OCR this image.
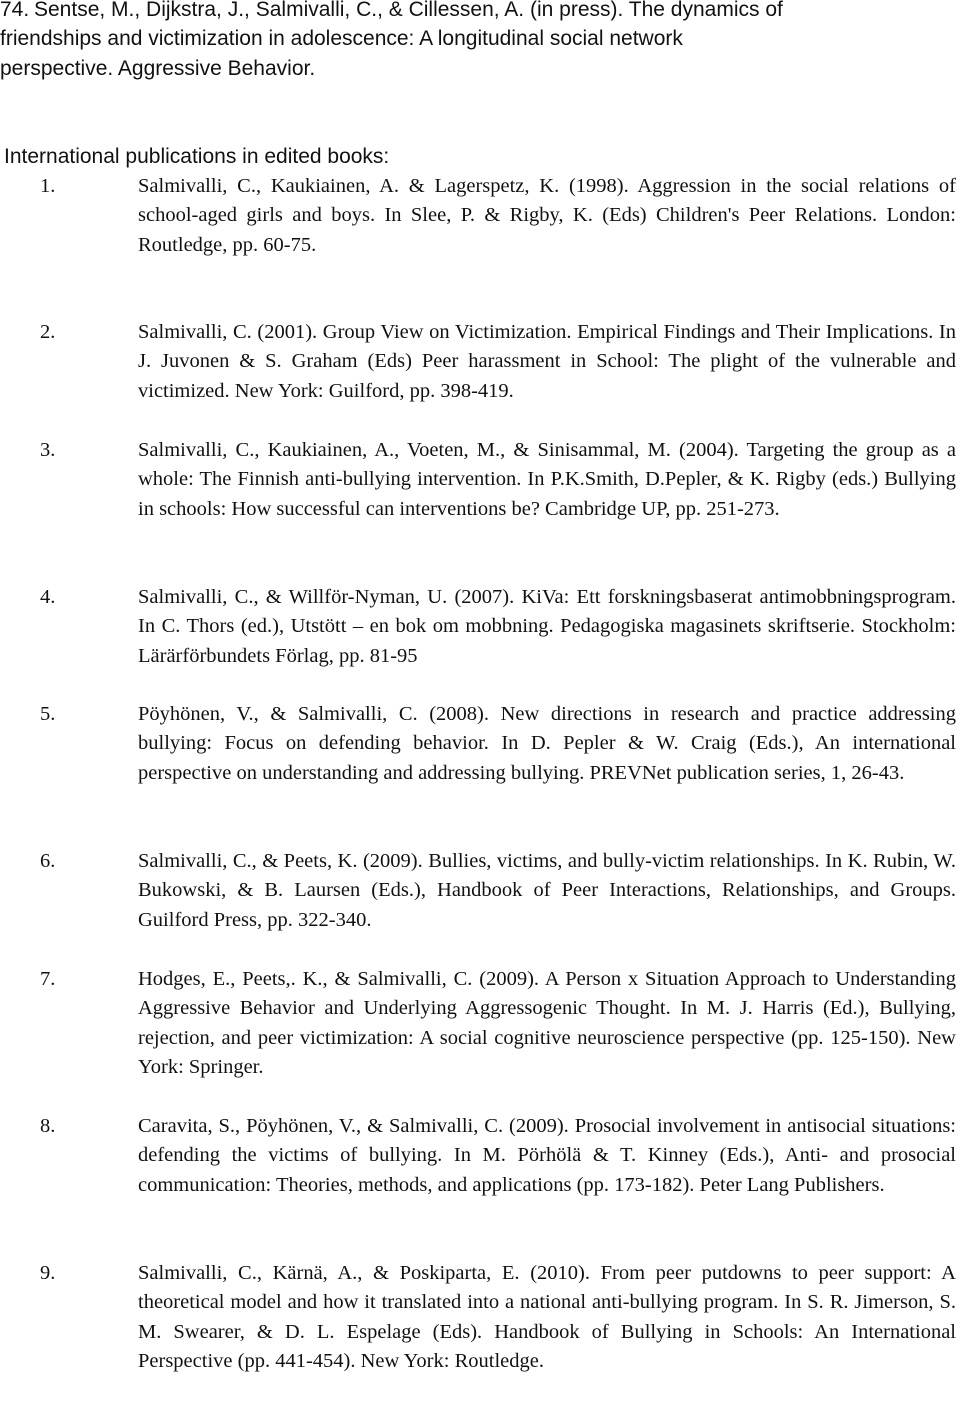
74. Sentse, M., Dijkstra, J., Salmivalli, C., & Cillessen, A. (in press). The dynamics of
friendships and victimization in adolescence: A longitudinal social network
perspective. Aggressive Behavior.
International publications in edited books:
1.	Salmivalli, C., Kaukiainen, A. & Lagerspetz, K. (1998). Aggression in the social relations of school-aged girls and boys. In Slee, P. & Rigby, K. (Eds) Children's Peer Relations. London: Routledge, pp. 60-75.
2.	Salmivalli, C. (2001). Group View on Victimization. Empirical Findings and Their Implications. In J. Juvonen & S. Graham (Eds) Peer harassment in School: The plight of the vulnerable and victimized. New York: Guilford, pp. 398-419.
3.	Salmivalli, C., Kaukiainen, A., Voeten, M., & Sinisammal, M. (2004). Targeting the group as a whole: The Finnish anti-bullying intervention. In P.K.Smith, D.Pepler, & K. Rigby (eds.) Bullying in schools: How successful can interventions be? Cambridge UP, pp. 251-273.
4.	Salmivalli, C., & Willför-Nyman, U. (2007). KiVa: Ett forskningsbaserat antimobbningsprogram. In C. Thors (ed.), Utstött – en bok om mobbning. Pedagogiska magasinets skriftserie. Stockholm: Lärärförbundets Förlag, pp. 81-95
5.	Pöyhönen, V., & Salmivalli, C. (2008). New directions in research and practice addressing bullying: Focus on defending behavior. In D. Pepler & W. Craig (Eds.), An international perspective on understanding and addressing bullying. PREVNet publication series, 1, 26-43.
6.	Salmivalli, C., & Peets, K. (2009). Bullies, victims, and bully-victim relationships. In K. Rubin, W. Bukowski, & B. Laursen (Eds.), Handbook of Peer Interactions, Relationships, and Groups. Guilford Press, pp. 322-340.
7.	Hodges, E., Peets,. K., & Salmivalli, C. (2009). A Person x Situation Approach to Understanding Aggressive Behavior and Underlying Aggressogenic Thought. In M. J. Harris (Ed.), Bullying, rejection, and peer victimization: A social cognitive neuroscience perspective (pp. 125-150). New York: Springer.
8.	Caravita, S., Pöyhönen, V., & Salmivalli, C. (2009). Prosocial involvement in antisocial situations: defending the victims of bullying. In M. Pörhölä & T. Kinney (Eds.), Anti- and prosocial communication: Theories, methods, and applications (pp. 173-182). Peter Lang Publishers.
9.	Salmivalli, C., Kärnä, A., & Poskiparta, E. (2010). From peer putdowns to peer support: A theoretical model and how it translated into a national anti-bullying program. In S. R. Jimerson, S. M. Swearer, & D. L. Espelage (Eds). Handbook of Bullying in Schools: An International Perspective (pp. 441-454). New York: Routledge.
